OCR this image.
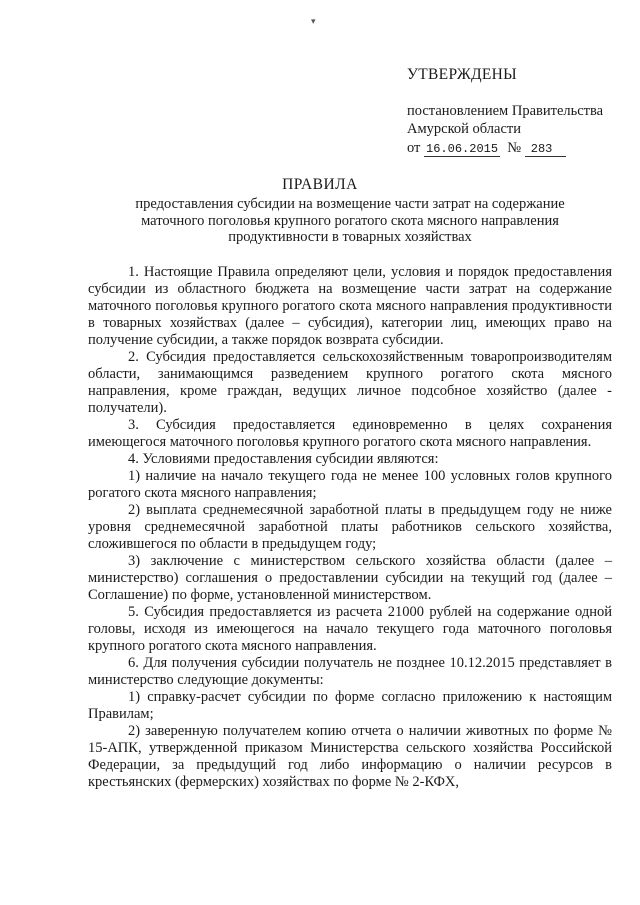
▾
УТВЕРЖДЕНЫ
постановлением Правительства
Амурской области
от 16.06.2015 № 283
ПРАВИЛА
предоставления субсидии на возмещение части затрат на содержание маточного поголовья крупного рогатого скота мясного направления продуктивности в товарных хозяйствах

1. Настоящие Правила определяют цели, условия и порядок предоставления субсидии из областного бюджета на возмещение части затрат на содержание маточного поголовья крупного рогатого скота мясного направления продуктивности в товарных хозяйствах (далее – субсидия), категории лиц, имеющих право на получение субсидии, а также порядок возврата субсидии.

2. Субсидия предоставляется сельскохозяйственным товаропроизводителям области, занимающимся разведением крупного рогатого скота мясного направления, кроме граждан, ведущих личное подсобное хозяйство (далее - получатели).

3. Субсидия предоставляется единовременно в целях сохранения имеющегося маточного поголовья крупного рогатого скота мясного направления.

4. Условиями предоставления субсидии являются:

1) наличие на начало текущего года не менее 100 условных голов крупного рогатого скота мясного направления;

2) выплата среднемесячной заработной платы в предыдущем году не ниже уровня среднемесячной заработной платы работников сельского хозяйства, сложившегося по области в предыдущем году;

3) заключение с министерством сельского хозяйства области (далее – министерство) соглашения о предоставлении субсидии на текущий год (далее – Соглашение) по форме, установленной министерством.

5. Субсидия предоставляется из расчета 21000 рублей на содержание одной головы, исходя из имеющегося на начало текущего года маточного поголовья крупного рогатого скота мясного направления.

6. Для получения субсидии получатель не позднее 10.12.2015 представляет в министерство следующие документы:

1) справку-расчет субсидии по форме согласно приложению к настоящим Правилам;

2) заверенную получателем копию отчета о наличии животных по форме № 15-АПК, утвержденной приказом Министерства сельского хозяйства Российской Федерации, за предыдущий год либо информацию о наличии ресурсов в крестьянских (фермерских) хозяйствах по форме № 2-КФХ,
